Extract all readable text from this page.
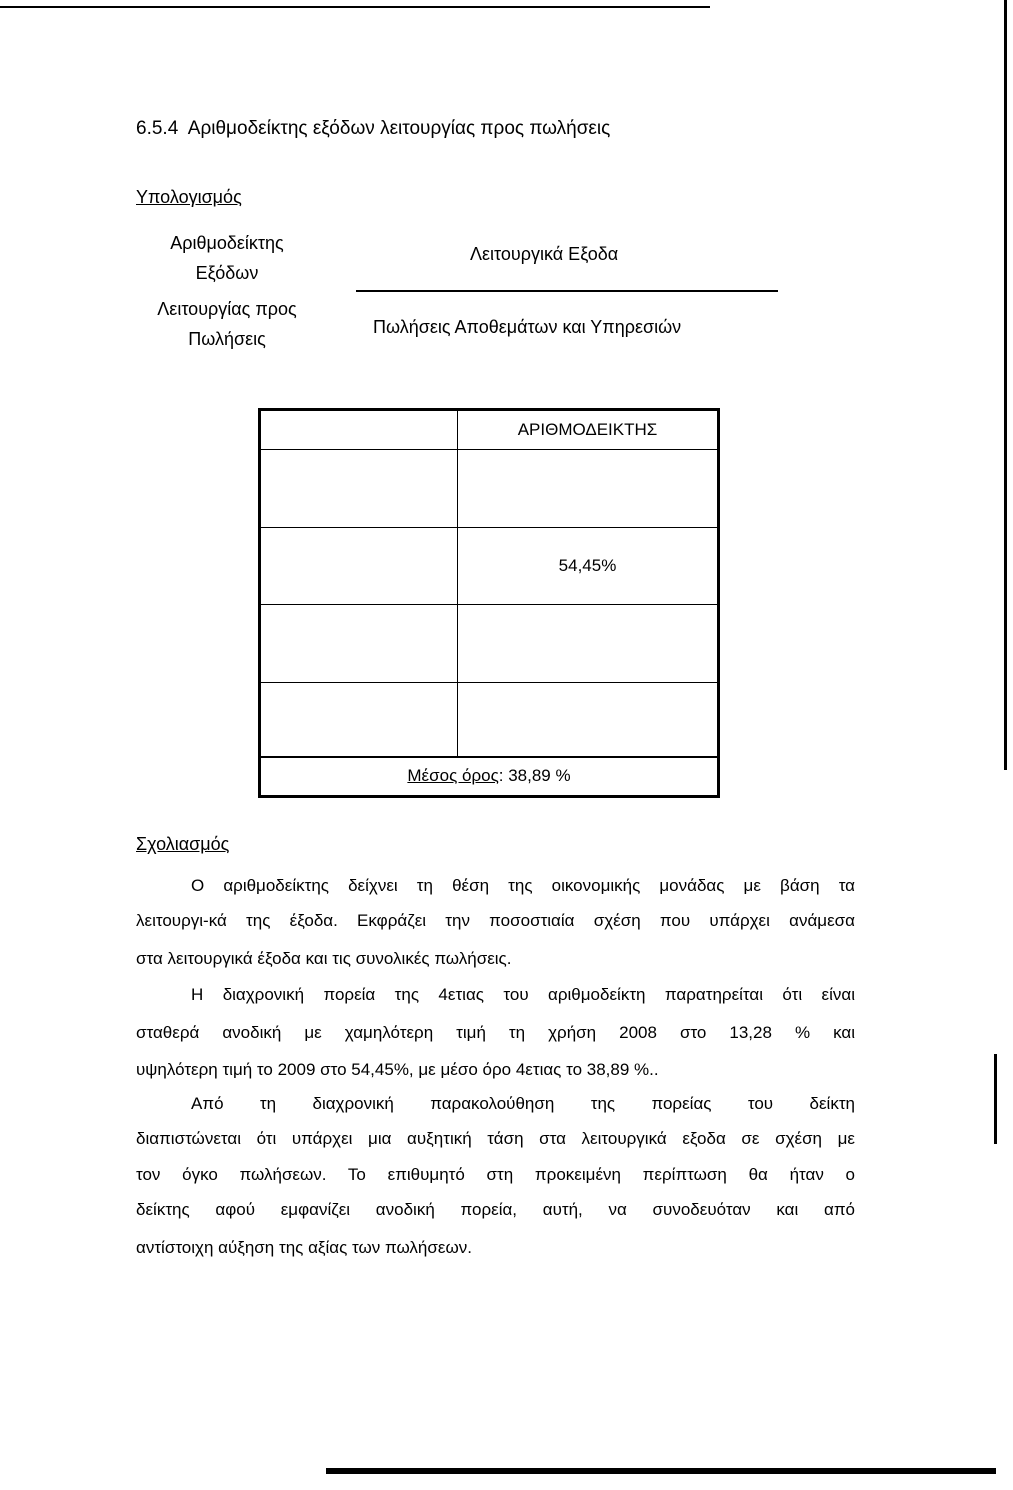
6.5.4 Αριθμοδείκτης εξόδων λειτουργίας προς πωλήσεις
Υπολογισμός
Αριθμοδείκτης
Εξόδων
Λειτουργίας προς
Πωλήσεις
Λειτουργικά Εξοδα
Πωλήσεις Αποθεμάτων και Υπηρεσιών
	ΑΡΙΘΜΟΔΕΙΚΤΗΣ

	54,45%

Μέσος όρος: 38,89 %	
Σχολιασμός
Ο αριθμοδείκτης δείχνει τη θέση της οικονομικής μονάδας με βάση τα
λειτουργι-κά της έξοδα. Εκφράζει την ποσοστιαία σχέση που υπάρχει ανάμεσα
στα λειτουργικά έξοδα και τις συνολικές πωλήσεις.
Η διαχρονική πορεία της 4ετιας του αριθμοδείκτη παρατηρείται ότι είναι
σταθερά ανοδική με χαμηλότερη τιμή τη χρήση 2008 στο 13,28 % και
υψηλότερη τιμή το 2009 στο 54,45%, με μέσο όρο 4ετιας το 38,89 %..
Από τη διαχρονική παρακολούθηση της πορείας του δείκτη
διαπιστώνεται ότι υπάρχει μια αυξητική τάση στα λειτουργικά εξοδα σε σχέση με
τον όγκο πωλήσεων. Το επιθυμητό στη προκειμένη περίπτωση θα ήταν ο
δείκτης αφού εμφανίζει ανοδική πορεία, αυτή, να συνοδευόταν και από
αντίστοιχη αύξηση της αξίας των πωλήσεων.
